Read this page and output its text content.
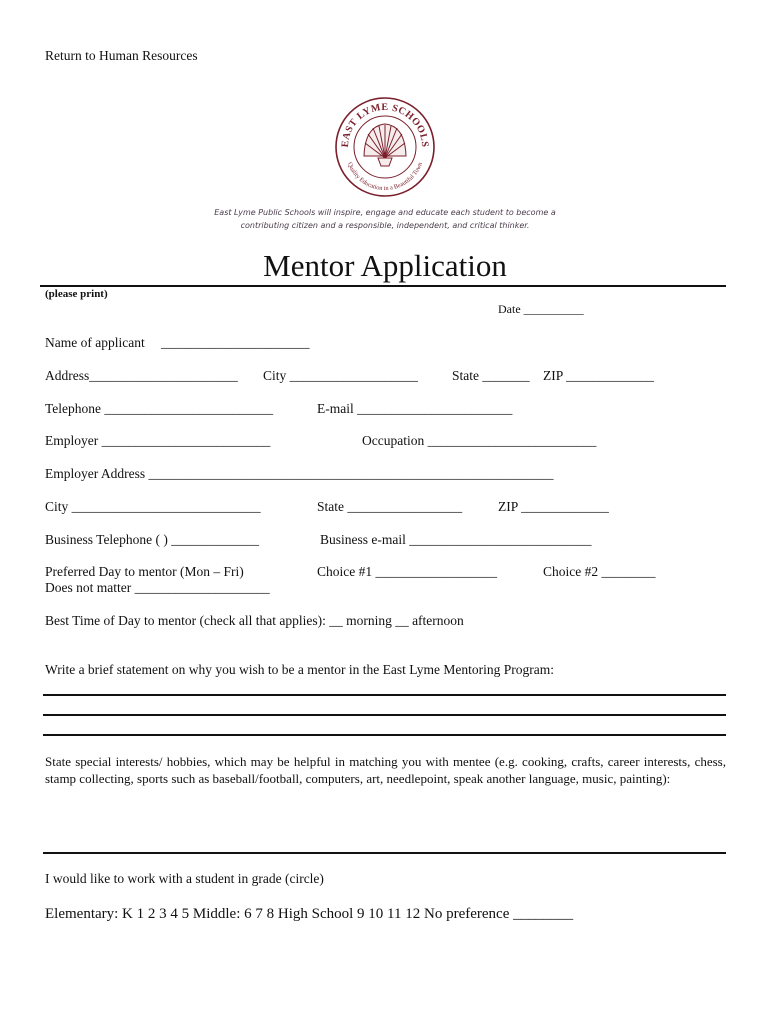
Return to Human Resources
EAST LYME SCHOOLS
Quality Education in a Beautiful Town
East Lyme Public Schools will inspire, engage and educate each student to become a
contributing citizen and a responsible, independent, and critical thinker.
Mentor Application
(please print)
Date __________
Name of applicant ______________________
Address______________________ City ___________________	State _______ ZIP _____________
Telephone _________________________	E-mail _______________________
Employer _________________________	Occupation _________________________
Employer Address ____________________________________________________________
City ____________________________	State _________________	ZIP _____________
Business Telephone ( ) _____________	Business e-mail ___________________________
Preferred Day to mentor (Mon – Fri)
Does not matter ____________________
Choice #1 __________________	Choice #2 ________
Best Time of Day to mentor (check all that applies): __ morning __ afternoon
Write a brief statement on why you wish to be a mentor in the East Lyme Mentoring Program:
State special interests/ hobbies, which may be helpful in matching you with mentee (e.g. cooking, crafts, career interests, chess, stamp collecting, sports such as baseball/football, computers, art, needlepoint, speak another language, music, painting):
I would like to work with a student in grade (circle)
Elementary: K 1 2 3 4 5 Middle: 6 7 8 High School 9 10 11 12 No preference ________
